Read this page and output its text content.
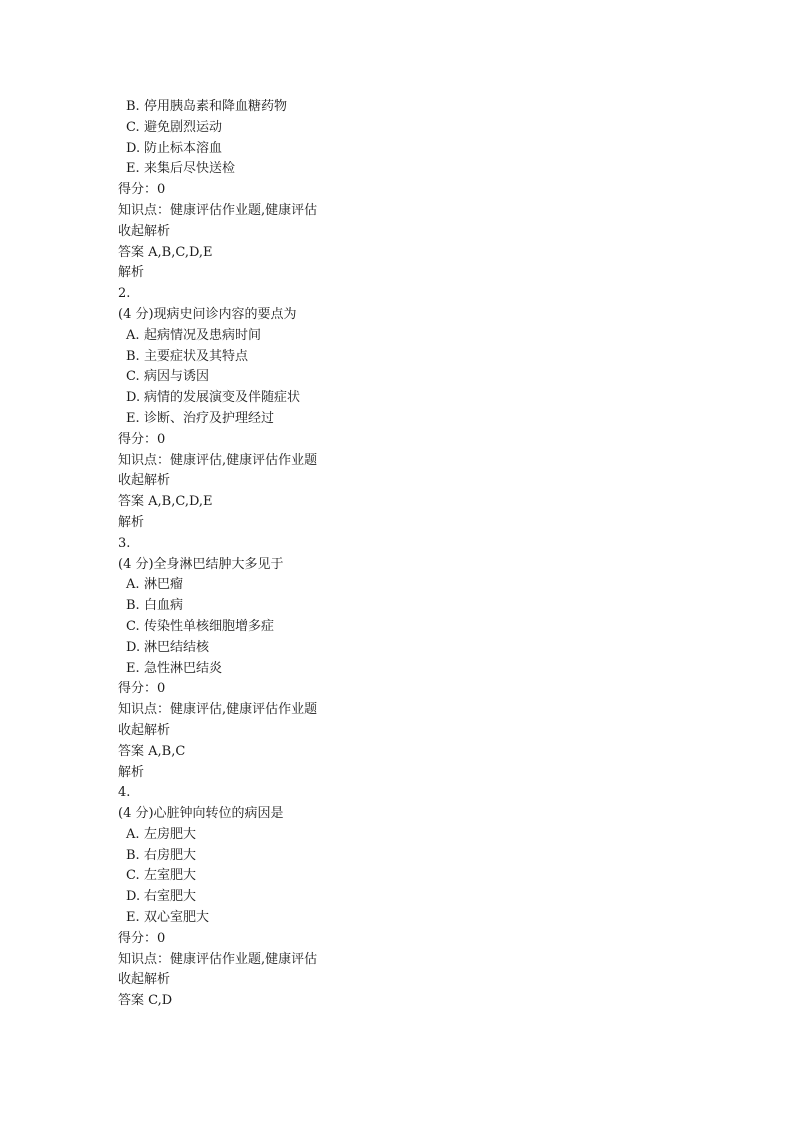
B. 停用胰岛素和降血糖药物
C. 避免剧烈运动
D. 防止标本溶血
E. 来集后尽快送检
得分：0
知识点：健康评估作业题,健康评估
收起解析
答案 A,B,C,D,E
解析
2.
(4 分)现病史问诊内容的要点为
A. 起病情况及患病时间
B. 主要症状及其特点
C. 病因与诱因
D. 病情的发展演变及伴随症状
E. 诊断、治疗及护理经过
得分：0
知识点：健康评估,健康评估作业题
收起解析
答案 A,B,C,D,E
解析
3.
(4 分)全身淋巴结肿大多见于
A. 淋巴瘤
B. 白血病
C. 传染性单核细胞增多症
D. 淋巴结结核
E. 急性淋巴结炎
得分：0
知识点：健康评估,健康评估作业题
收起解析
答案 A,B,C
解析
4.
(4 分)心脏钟向转位的病因是
A. 左房肥大
B. 右房肥大
C. 左室肥大
D. 右室肥大
E. 双心室肥大
得分：0
知识点：健康评估作业题,健康评估
收起解析
答案 C,D
